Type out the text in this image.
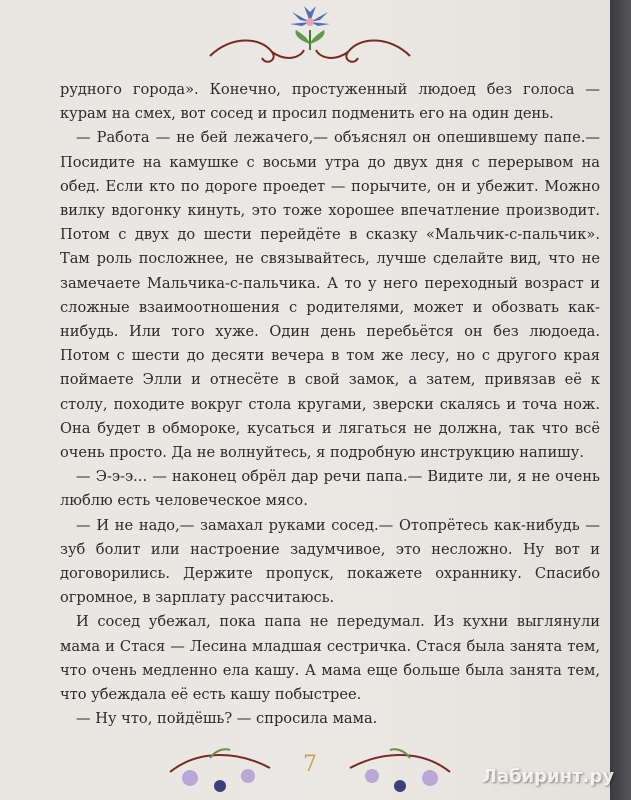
рудного города». Конечно, простуженный людоед без голоса — курам на смех, вот сосед и просил подменить его на один день.

— Работа — не бей лежачего,— объяснял он опешившему папе.— Посидите на камушке с восьми утра до двух дня с перерывом на обед. Если кто по дороге проедет — порычите, он и убежит. Можно вилку вдогонку кинуть, это тоже хорошее впечатление производит. Потом с двух до шести перейдёте в сказку «Мальчик-с-пальчик». Там роль посложнее, не связывайтесь, лучше сделайте вид, что не замечаете Мальчика-с-пальчика. А то у него переходный возраст и сложные взаимоотношения с родителями, может и обозвать как-нибудь. Или того хуже. Один день перебьётся он без людоеда. Потом с шести до десяти вечера в том же лесу, но с другого края поймаете Элли и отнесёте в свой замок, а затем, привязав её к столу, походите вокруг стола кругами, зверски скалясь и точа нож. Она будет в обмороке, кусаться и лягаться не должна, так что всё очень просто. Да не волнуйтесь, я подробную инструкцию напишу.

— Э-э-э... — наконец обрёл дар речи папа.— Видите ли, я не очень люблю есть человеческое мясо.

— И не надо,— замахал руками сосед.— Отопрётесь как-нибудь — зуб болит или настроение задумчивое, это несложно. Ну вот и договорились. Держите пропуск, покажете охраннику. Спасибо огромное, в зарплату рассчитаюсь.

И сосед убежал, пока папа не передумал. Из кухни выглянули мама и Стася — Лесина младшая сестричка. Стася была занята тем, что очень медленно ела кашу. А мама еще больше была занята тем, что убеждала её есть кашу побыстрее.

— Ну что, пойдёшь? — спросила мама.

7	Лабиринт.ру
